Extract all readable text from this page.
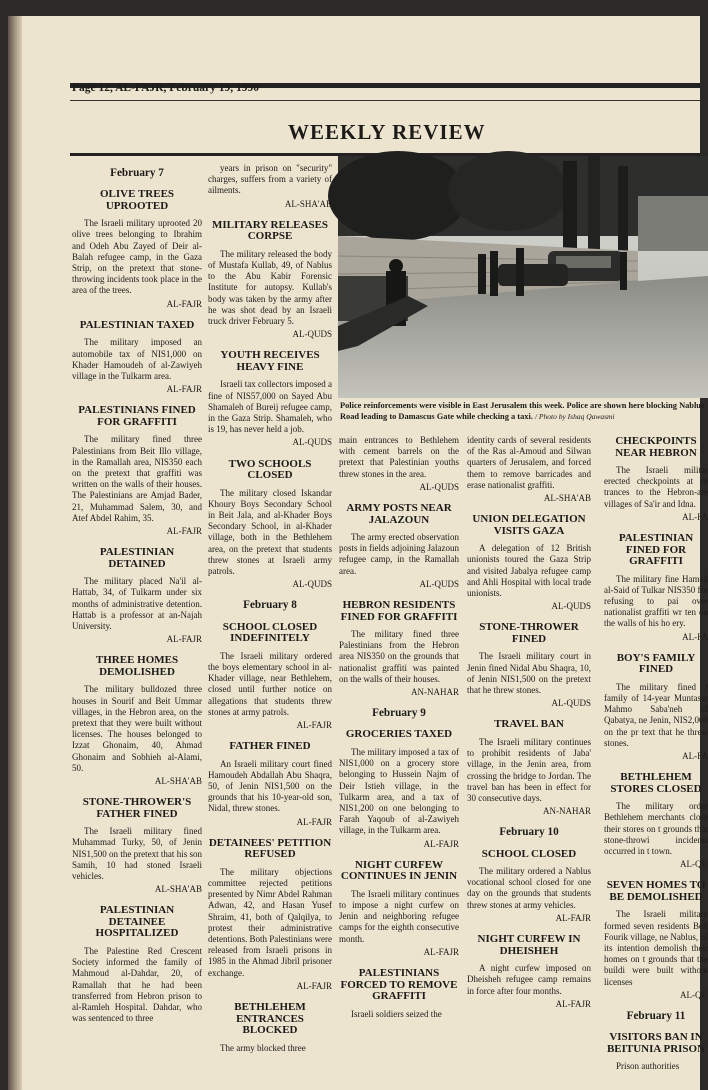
Page 12, AL-FAJR, February 19, 1990
WEEKLY REVIEW
Police reinforcements were visible in East Jerusalem this week. Police are shown here blocking Nablus Road leading to Damascus Gate while checking a taxi. / Photo by Ishaq Qawasmi
February 7
OLIVE TREES UPROOTED

The Israeli military uprooted 20 olive trees belonging to Ibrahim and Odeh Abu Zayed of Deir al-Balah refugee camp, in the Gaza Strip, on the pretext that stone-throwing incidents took place in the area of the trees.

AL-FAJR
PALESTINIAN TAXED

The military imposed an automobile tax of NIS1,000 on Khader Hamoudeh of al-Zawiyeh village in the Tulkarm area.

AL-FAJR
PALESTINIANS FINED FOR GRAFFITI

The military fined three Palestinians from Beit Illo village, in the Ramallah area, NIS350 each on the pretext that graffiti was written on the walls of their houses. The Palestinians are Amjad Bader, 21, Muhammad Salem, 30, and Atef Abdel Rahim, 35.

AL-FAJR
PALESTINIAN DETAINED

The military placed Na'il al-Hattab, 34, of Tulkarm under six months of administrative detention. Hattab is a professor at an-Najah University.

AL-FAJR
THREE HOMES DEMOLISHED

The military bulldozed three houses in Sourif and Beit Ummar villages, in the Hebron area, on the pretext that they were built without licenses. The houses belonged to Izzat Ghonaim, 40, Ahmad Ghonaim and Sobhieh al-Alami, 50.

AL-SHA'AB
STONE-THROWER'S FATHER FINED

The Israeli military fined Muhammad Turky, 50, of Jenin NIS1,500 on the pretext that his son Samih, 10 had stoned Israeli vehicles.

AL-SHA'AB
PALESTINIAN DETAINEE HOSPITALIZED

The Palestine Red Crescent Society informed the family of Mahmoud al-Dahdar, 20, of Ramallah that he had been transferred from Hebron prison to al-Ramleh Hospital. Dahdar, who was sentenced to three

years in prison on "security" charges, suffers from a variety of ailments.

AL-SHA'AB
MILITARY RELEASES CORPSE

The military released the body of Mustafa Kullab, 49, of Nablus to the Abu Kabir Forensic Institute for autopsy. Kullab's body was taken by the army after he was shot dead by an Israeli truck driver February 5.

AL-QUDS
YOUTH RECEIVES HEAVY FINE

Israeli tax collectors imposed a fine of NIS57,000 on Sayed Abu Shamaleh of Bureij refugee camp, in the Gaza Strip. Shamaleh, who is 19, has never held a job.

AL-QUDS
TWO SCHOOLS CLOSED

The military closed Iskandar Khoury Boys Secondary School in Beit Jala, and al-Khader Boys Secondary School, in al-Khader village, both in the Bethlehem area, on the pretext that students threw stones at Israeli army patrols.

AL-QUDS
February 8
SCHOOL CLOSED INDEFINITELY

The Israeli military ordered the boys elementary school in al-Khader village, near Bethlehem, closed until further notice on allegations that students threw stones at army patrols.

AL-FAJR
FATHER FINED

An Israeli military court fined Hamoudeh Abdallah Abu Shaqra, 50, of Jenin NIS1,500 on the grounds that his 10-year-old son, Nidal, threw stones.

AL-FAJR
DETAINEES' PETITION REFUSED

The military objections committee rejected petitions presented by Nimr Abdel Rahman Adwan, 42, and Hasan Yusef Shraim, 41, both of Qalqilya, to protest their administrative detentions. Both Palestinians were released from Israeli prisons in 1985 in the Ahmad Jibril prisoner exchange.

AL-FAJR
BETHLEHEM ENTRANCES BLOCKED

The army blocked three

main entrances to Bethlehem with cement barrels on the pretext that Palestinian youths threw stones in the area.

AL-QUDS
ARMY POSTS NEAR JALAZOUN

The army erected observation posts in fields adjoining Jalazoun refugee camp, in the Ramallah area.

AL-QUDS
HEBRON RESIDENTS FINED FOR GRAFFITI

The military fined three Palestinians from the Hebron area NIS350 on the grounds that nationalist graffiti was painted on the walls of their houses.

AN-NAHAR
February 9
GROCERIES TAXED

The military imposed a tax of NIS1,000 on a grocery store belonging to Hussein Najm of Deir Istieh village, in the Tulkarm area, and a tax of NIS1,200 on one belonging to Farah Yaqoub of al-Zawiyeh village, in the Tulkarm area.

AL-FAJR
NIGHT CURFEW CONTINUES IN JENIN

The Israeli military continues to impose a night curfew on Jenin and neighboring refugee camps for the eighth consecutive month.

AL-FAJR
PALESTINIANS FORCED TO REMOVE GRAFFITI

Israeli soldiers seized the

identity cards of several residents of the Ras al-Amoud and Silwan quarters of Jerusalem, and forced them to remove barricades and erase nationalist graffiti.

AL-SHA'AB
UNION DELEGATION VISITS GAZA

A delegation of 12 British unionists toured the Gaza Strip and visited Jabalya refugee camp and Ahli Hospital with local trade unionists.

AL-QUDS
STONE-THROWER FINED

The Israeli military court in Jenin fined Nidal Abu Shaqra, 10, of Jenin NIS1,500 on the pretext that he threw stones.

AL-QUDS
TRAVEL BAN

The Israeli military continues to prohibit residents of Jaba' village, in the Jenin area, from crossing the bridge to Jordan. The travel ban has been in effect for 30 consecutive days.

AN-NAHAR
February 10
SCHOOL CLOSED

The military ordered a Nablus vocational school closed for one day on the grounds that students threw stones at army vehicles.

AL-FAJR
NIGHT CURFEW IN DHEISHEH

A night curfew imposed on Dheisheh refugee camp remains in force after four months.

AL-FAJR
CHECKPOINTS NEAR HEBRON

The Israeli militar erected checkpoints at ce trances to the Hebron-are villages of Sa'ir and Idna.

AL-FA
PALESTINIAN FINED FOR GRAFFITI

The military fine Hamed al-Said of Tulkar NIS350 for refusing to pai over nationalist graffiti wr ten on the walls of his ho ery.

AL-FA
BOY'S FAMILY FINED

The military fined t family of 14-year Muntaser Mahmo Saba'neh of Qabatya, ne Jenin, NIS2,000 on the pr text that he threw stones.

AL-FA
BETHLEHEM STORES CLOSED

The military order Bethlehem merchants close their stores on t grounds that stone-throwi incidents occurred in t town.

AL-QU
SEVEN HOMES TO BE DEMOLISHED

The Israeli military formed seven residents Beit Fourik village, ne Nablus, of its intention demolish their homes on t grounds that the buildi were built without licenses

AL-QU
February 11
VISITORS BAN IN BEITUNIA PRISON

Prison authorities
